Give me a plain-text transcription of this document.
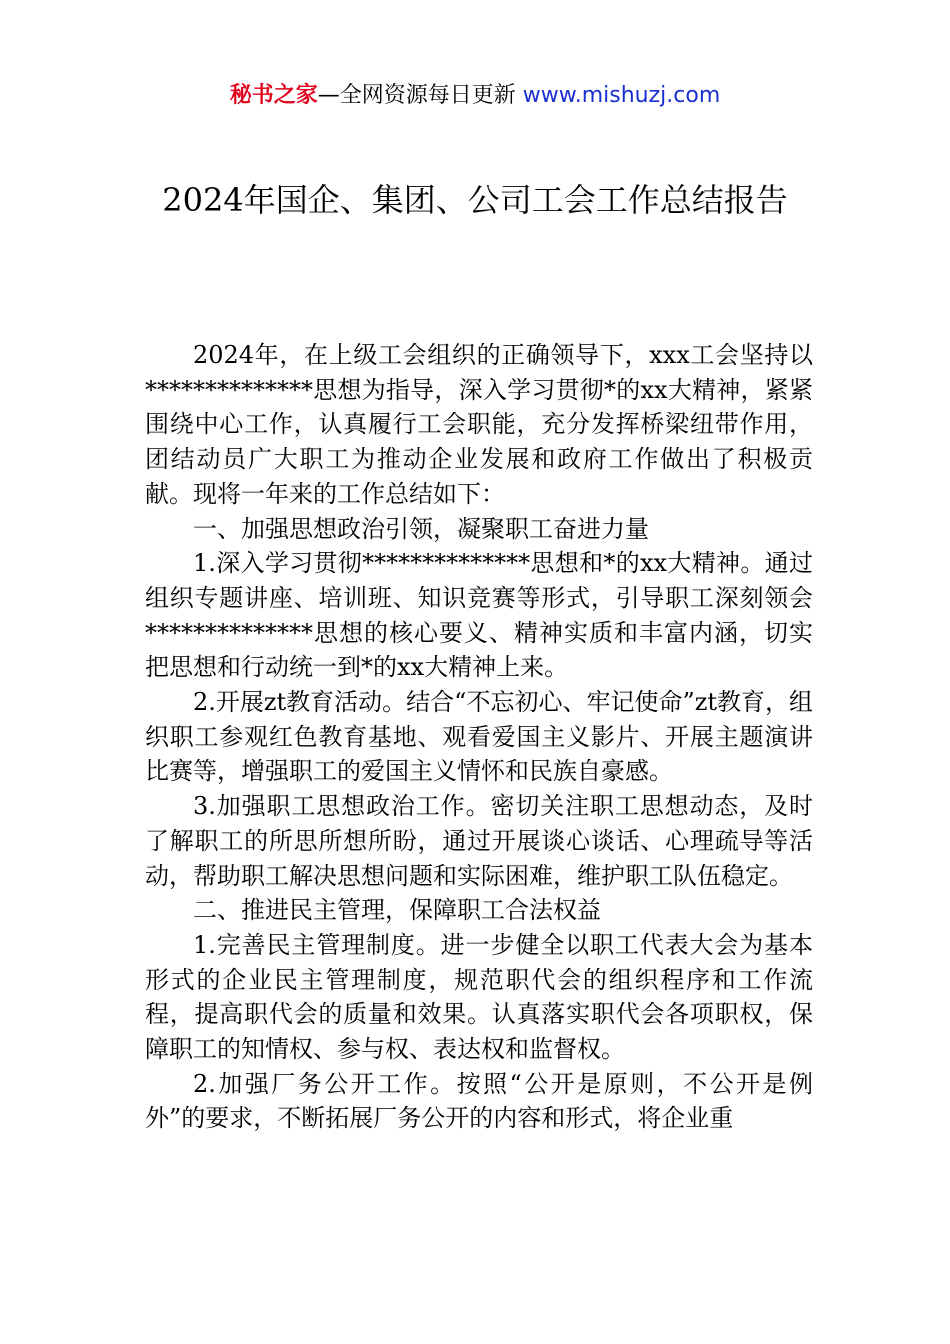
秘书之家—全网资源每日更新 www.mishuzj.com
2024年国企、集团、公司工会工作总结报告

2024年，在上级工会组织的正确领导下，xxx工会坚持以**************思想为指导，深入学习贯彻*的xx大精神，紧紧围绕中心工作，认真履行工会职能，充分发挥桥梁纽带作用，团结动员广大职工为推动企业发展和政府工作做出了积极贡献。现将一年来的工作总结如下：

一、加强思想政治引领，凝聚职工奋进力量

1.深入学习贯彻**************思想和*的xx大精神。通过组织专题讲座、培训班、知识竞赛等形式，引导职工深刻领会**************思想的核心要义、精神实质和丰富内涵，切实把思想和行动统一到*的xx大精神上来。

2.开展zt教育活动。结合“不忘初心、牢记使命”zt教育，组织职工参观红色教育基地、观看爱国主义影片、开展主题演讲比赛等，增强职工的爱国主义情怀和民族自豪感。

3.加强职工思想政治工作。密切关注职工思想动态，及时了解职工的所思所想所盼，通过开展谈心谈话、心理疏导等活动，帮助职工解决思想问题和实际困难，维护职工队伍稳定。

二、推进民主管理，保障职工合法权益

1.完善民主管理制度。进一步健全以职工代表大会为基本形式的企业民主管理制度，规范职代会的组织程序和工作流程，提高职代会的质量和效果。认真落实职代会各项职权，保障职工的知情权、参与权、表达权和监督权。

2.加强厂务公开工作。按照“公开是原则，不公开是例外”的要求，不断拓展厂务公开的内容和形式，将企业重
